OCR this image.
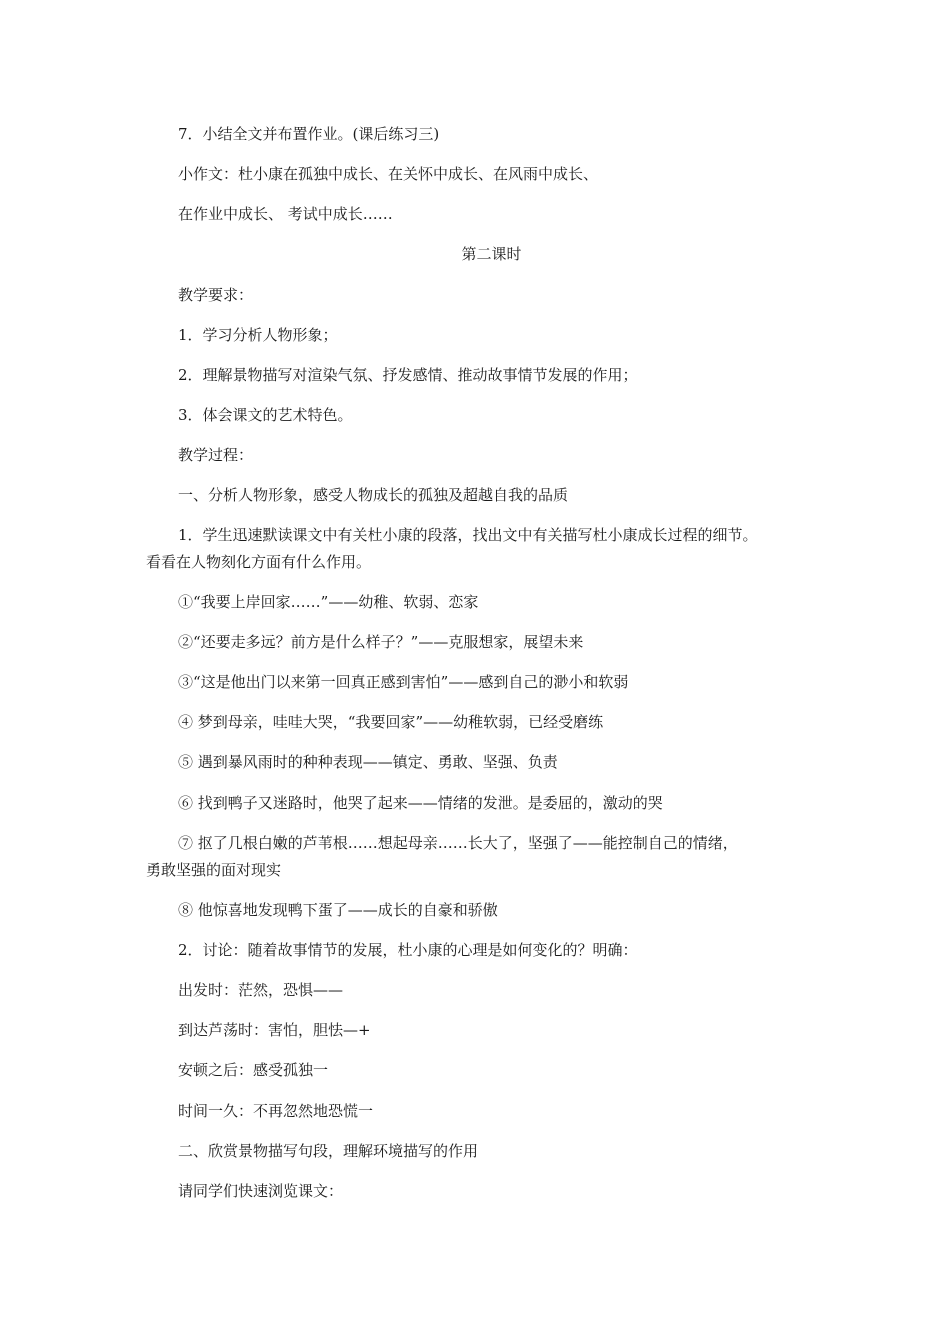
7．小结全文并布置作业。(课后练习三)
小作文：杜小康在孤独中成长、在关怀中成长、在风雨中成长、
在作业中成长、 考试中成长……
第二课时
教学要求：
1．学习分析人物形象；
2．理解景物描写对渲染气氛、抒发感情、推动故事情节发展的作用；
3．体会课文的艺术特色。
教学过程：
一、分析人物形象，感受人物成长的孤独及超越自我的品质
1．学生迅速默读课文中有关杜小康的段落，找出文中有关描写杜小康成长过程的细节。
看看在人物刻化方面有什么作用。
①“我要上岸回家……”——幼稚、软弱、恋家
②“还要走多远？前方是什么样子？”——克服想家，展望未来
③“这是他出门以来第一回真正感到害怕”——感到自己的渺小和软弱
④ 梦到母亲，哇哇大哭，“我要回家”——幼稚软弱，已经受磨练
⑤ 遇到暴风雨时的种种表现——镇定、勇敢、坚强、负责
⑥ 找到鸭子又迷路时，他哭了起来——情绪的发泄。是委屈的，激动的哭
⑦ 抠了几根白嫩的芦苇根……想起母亲……长大了，坚强了——能控制自己的情绪，
勇敢坚强的面对现实
⑧ 他惊喜地发现鸭下蛋了——成长的自豪和骄傲
2．讨论：随着故事情节的发展，杜小康的心理是如何变化的？明确：
出发时：茫然，恐惧——
到达芦荡时：害怕，胆怯—+
安顿之后：感受孤独一
时间一久：不再忽然地恐慌一
二、欣赏景物描写句段，理解环境描写的作用
请同学们快速浏览课文：
